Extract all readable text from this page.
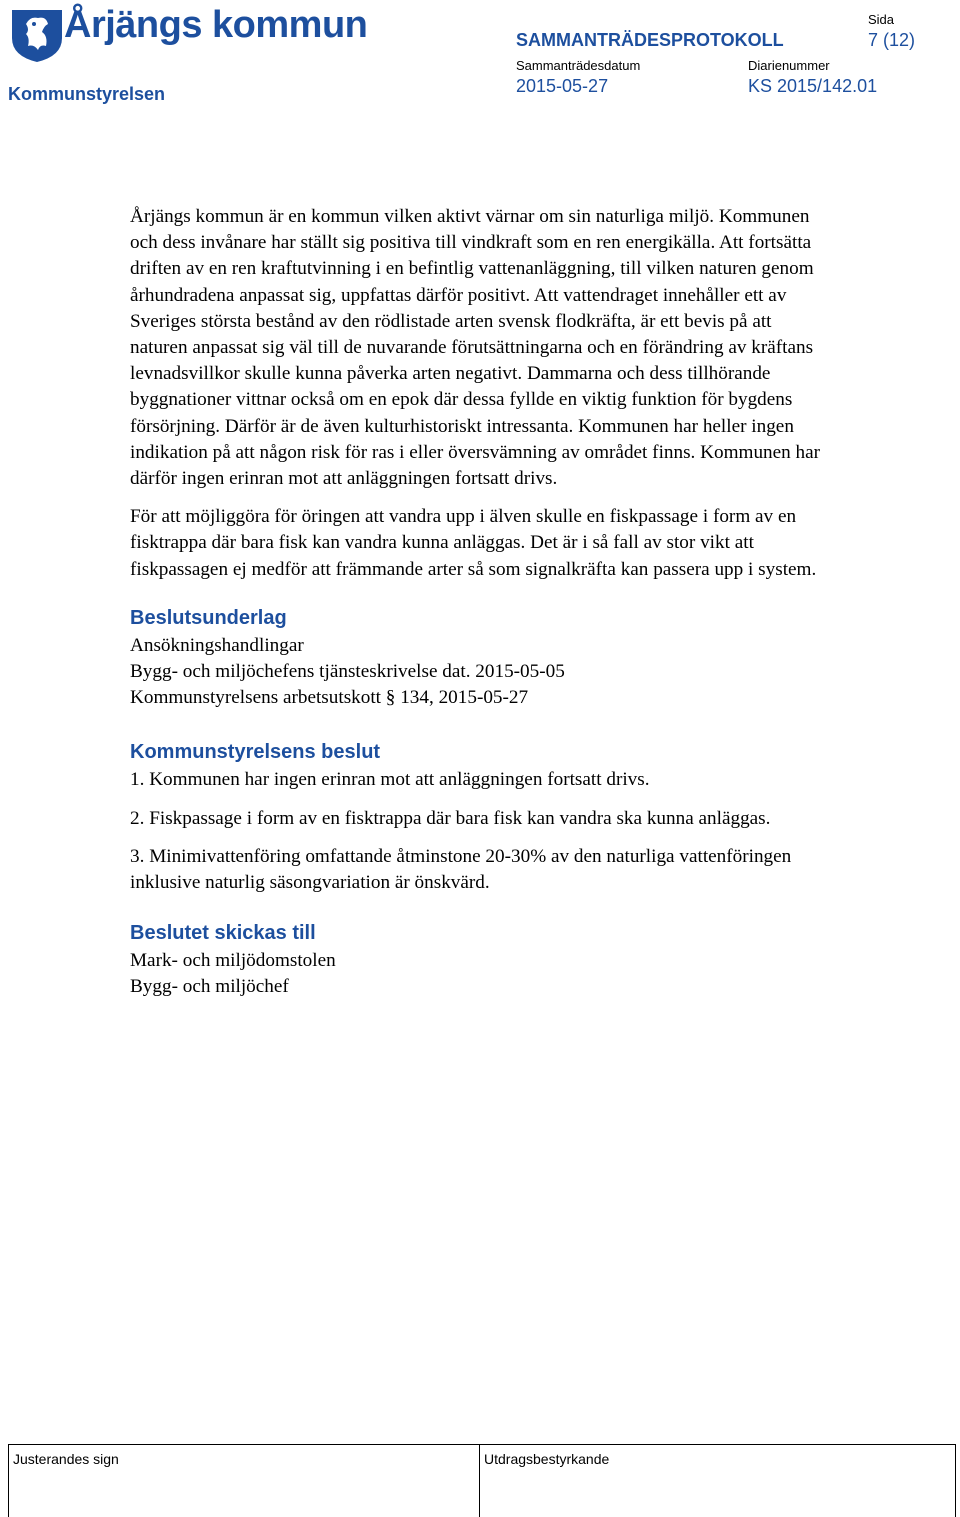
Årjängs kommun
Kommunstyrelsen
Sida
SAMMANTRÄDESPROTOKOLL	7 (12)
Sammanträdesdatum
2015-05-27
Diarienummer
KS 2015/142.01

Årjängs kommun är en kommun vilken aktivt värnar om sin naturliga miljö. Kommunen och dess invånare har ställt sig positiva till vindkraft som en ren energikälla. Att fortsätta driften av en ren kraftutvinning i en befintlig vattenanläggning, till vilken naturen genom århundradena anpassat sig, uppfattas därför positivt. Att vattendraget innehåller ett av Sveriges största bestånd av den rödlistade arten svensk flodkräfta, är ett bevis på att naturen anpassat sig väl till de nuvarande förutsättningarna och en förändring av kräftans levnadsvillkor skulle kunna påverka arten negativt. Dammarna och dess tillhörande byggnationer vittnar också om en epok där dessa fyllde en viktig funktion för bygdens försörjning. Därför är de även kulturhistoriskt intressanta. Kommunen har heller ingen indikation på att någon risk för ras i eller översvämning av området finns. Kommunen har därför ingen erinran mot att anläggningen fortsatt drivs.

För att möjliggöra för öringen att vandra upp i älven skulle en fiskpassage i form av en fisktrappa där bara fisk kan vandra kunna anläggas. Det är i så fall av stor vikt att fiskpassagen ej medför att främmande arter så som signalkräfta kan passera upp i system.

Beslutsunderlag

Ansökningshandlingar

Bygg- och miljöchefens tjänsteskrivelse dat. 2015-05-05

Kommunstyrelsens arbetsutskott § 134, 2015-05-27

Kommunstyrelsens beslut

1. Kommunen har ingen erinran mot att anläggningen fortsatt drivs.

2. Fiskpassage i form av en fisktrappa där bara fisk kan vandra ska kunna anläggas.

3. Minimivattenföring omfattande åtminstone 20-30% av den naturliga vattenföringen inklusive naturlig säsongvariation är önskvärd.

Beslutet skickas till

Mark- och miljödomstolen

Bygg- och miljöchef

Justerandes sign	Utdragsbestyrkande
